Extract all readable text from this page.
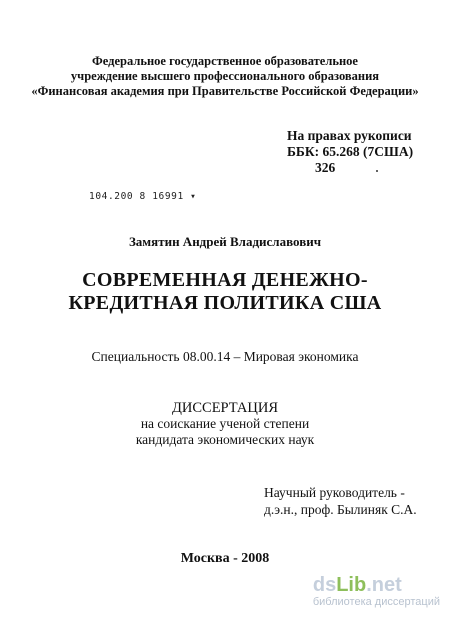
Федеральное государственное образовательное
учреждение высшего профессионального образования
«Финансовая академия при Правительстве Российской Федерации»
На правах рукописи
ББК: 65.268 (7США)
326
104.200 8 16991 ▾
Замятин Андрей Владиславович
СОВРЕМЕННАЯ ДЕНЕЖНО-
КРЕДИТНАЯ ПОЛИТИКА США
Специальность 08.00.14 – Мировая экономика
ДИССЕРТАЦИЯ
на соискание ученой степени
кандидата экономических наук
Научный руководитель -
д.э.н., проф. Былиняк С.А.
Москва - 2008
dsLib.net
библиотека диссертаций
